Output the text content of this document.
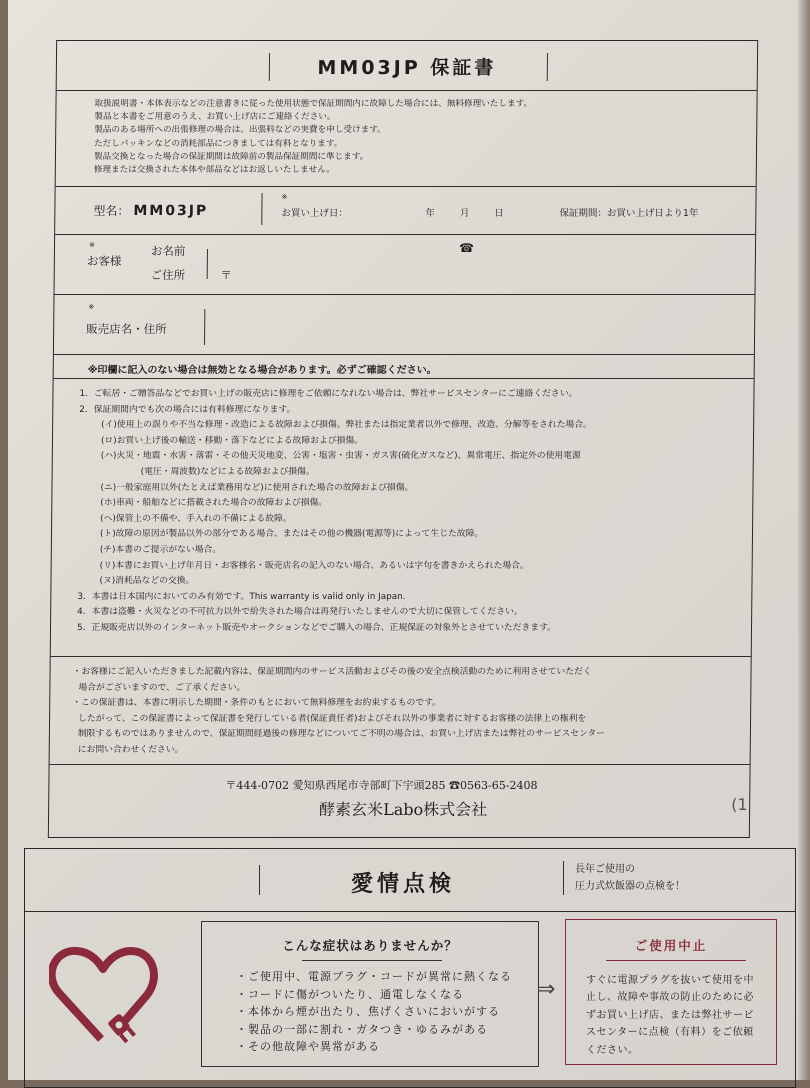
MM03JP 保証書
取扱説明書・本体表示などの注意書きに従った使用状態で保証期間内に故障した場合には、無料修理いたします。
製品と本書をご用意のうえ、お買い上げ店にご連絡ください。
製品のある場所への出張修理の場合は、出張料などの実費を申し受けます。
ただしパッキンなどの消耗部品につきましては有料となります。
製品交換となった場合の保証期間は故障前の製品保証期間に準じます。
修理または交換された本体や部品などはお返しいたしません。
型名： MM03JP
※
お買い上げ日：	年 月 日	保証期間：お買い上げ日より1年
※
お客様
お名前
ご住所	〒
☎
※
販売店名・住所
※印欄に記入のない場合は無効となる場合があります。必ずご確認ください。
1．ご転居・ご贈答品などでお買い上げの販売店に修理をご依頼になれない場合は、弊社サービスセンターにご連絡ください。
2．保証期間内でも次の場合には有料修理になります。
(イ)使用上の誤りや不当な修理・改造による故障および損傷。弊社または指定業者以外で修理、改造、分解等をされた場合。
(ロ)お買い上げ後の輸送・移動・落下などによる故障および損傷。
(ハ)火災・地震・水害・落雷・その他天災地変、公害・塩害・虫害・ガス害(硫化ガスなど)、異常電圧、指定外の使用電源
(電圧・周波数)などによる故障および損傷。
(ニ)一般家庭用以外(たとえば業務用など)に使用された場合の故障および損傷。
(ホ)車両・船舶などに搭載された場合の故障および損傷。
(ヘ)保管上の不備や、手入れの不備による故障。
(ト)故障の原因が製品以外の部分である場合、またはその他の機器(電源等)によって生じた故障。
(チ)本書のご提示がない場合。
(リ)本書にお買い上げ年月日・お客様名・販売店名の記入のない場合、あるいは字句を書きかえられた場合。
(ヌ)消耗品などの交換。
3．本書は日本国内においてのみ有効です。This warranty is valid only in Japan.
4．本書は盗難・火災などの不可抗力以外で紛失された場合は再発行いたしませんので大切に保管してください。
5．正規販売店以外のインターネット販売やオークションなどでご購入の場合、正規保証の対象外とさせていただきます。
・お客様にご記入いただきました記載内容は、保証期間内のサービス活動およびその後の安全点検活動のために利用させていただく
場合がございますので、ご了承ください。
・この保証書は、本書に明示した期間・条件のもとにおいて無料修理をお約束するものです。
したがって、この保証書によって保証書を発行している者(保証責任者)およびそれ以外の事業者に対するお客様の法律上の権利を
制限するものではありませんので、保証期間経過後の修理などについてご不明の場合は、お買い上げ店または弊社のサービスセンター
にお問い合わせください。
〒444-0702 愛知県西尾市寺部町下宇頭285 ☎0563-65-2408
酵素玄米Labo株式会社	(1
愛情点検
長年ご使用の
圧力式炊飯器の点検を！
こんな症状はありませんか？
・ご使用中、電源プラグ・コードが異常に熱くなる
・コードに傷がついたり、通電しなくなる
・本体から煙が出たり、焦げくさいにおいがする
・製品の一部に割れ・ガタつき・ゆるみがある
・その他故障や異常がある
⇒
ご使用中止

すぐに電源プラグを抜いて使用を中止し、故障や事故の防止のために必ずお買い上げ店、または弊社サービスセンターに点検（有料）をご依頼ください。
